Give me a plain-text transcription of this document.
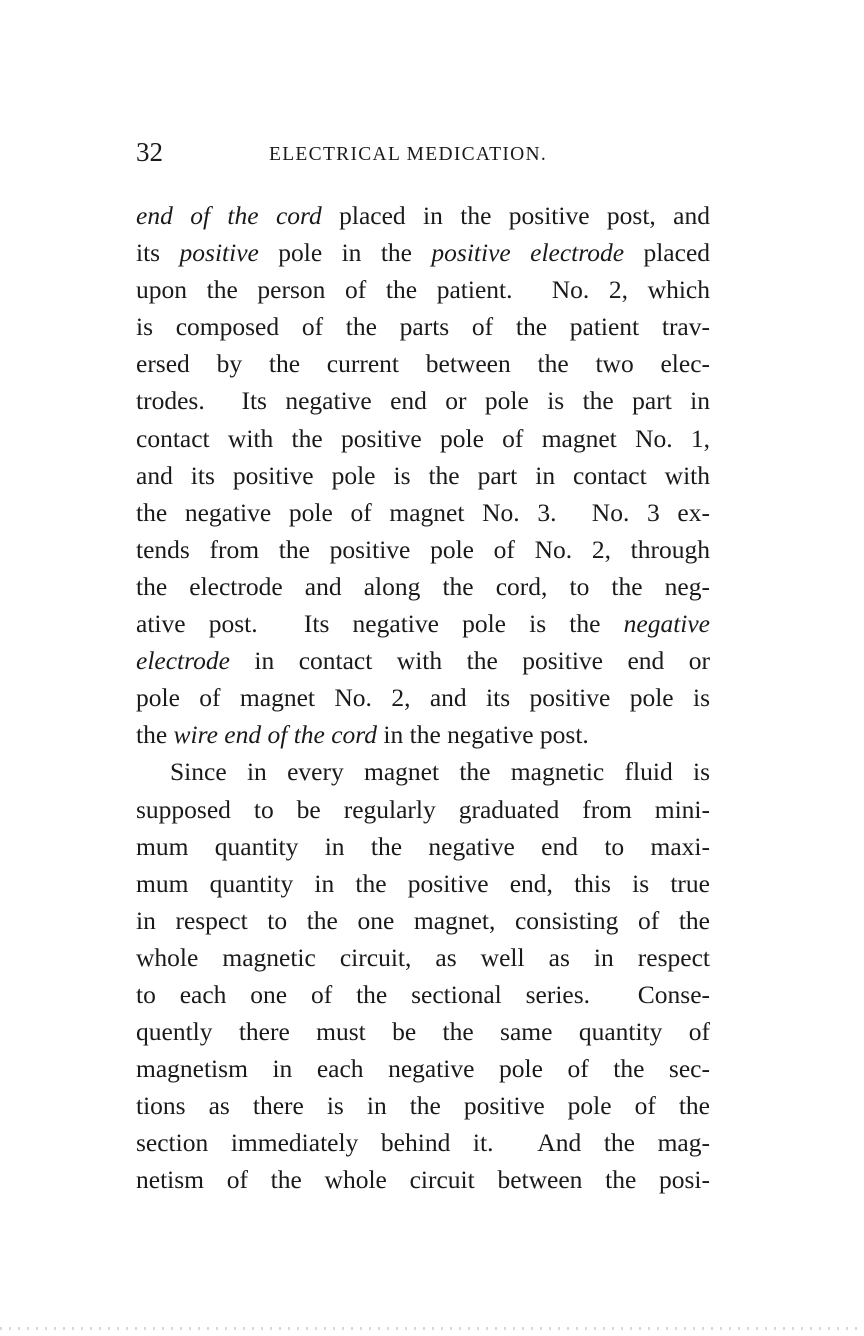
32	ELECTRICAL MEDICATION.
end of the cord placed in the positive post, and
its positive pole in the positive electrode placed
upon the person of the patient.  No. 2, which
is composed of the parts of the patient trav-
ersed by the current between the two elec-
trodes.  Its negative end or pole is the part in
contact with the positive pole of magnet No. 1,
and its positive pole is the part in contact with
the negative pole of magnet No. 3.  No. 3 ex-
tends from the positive pole of No. 2, through
the electrode and along the cord, to the neg-
ative post.  Its negative pole is the negative
electrode in contact with the positive end or
pole of magnet No. 2, and its positive pole is
the wire end of the cord in the negative post.
Since in every magnet the magnetic fluid is
supposed to be regularly graduated from mini-
mum quantity in the negative end to maxi-
mum quantity in the positive end, this is true
in respect to the one magnet, consisting of the
whole magnetic circuit, as well as in respect
to each one of the sectional series.  Conse-
quently there must be the same quantity of
magnetism in each negative pole of the sec-
tions as there is in the positive pole of the
section immediately behind it.  And the mag-
netism of the whole circuit between the posi-
